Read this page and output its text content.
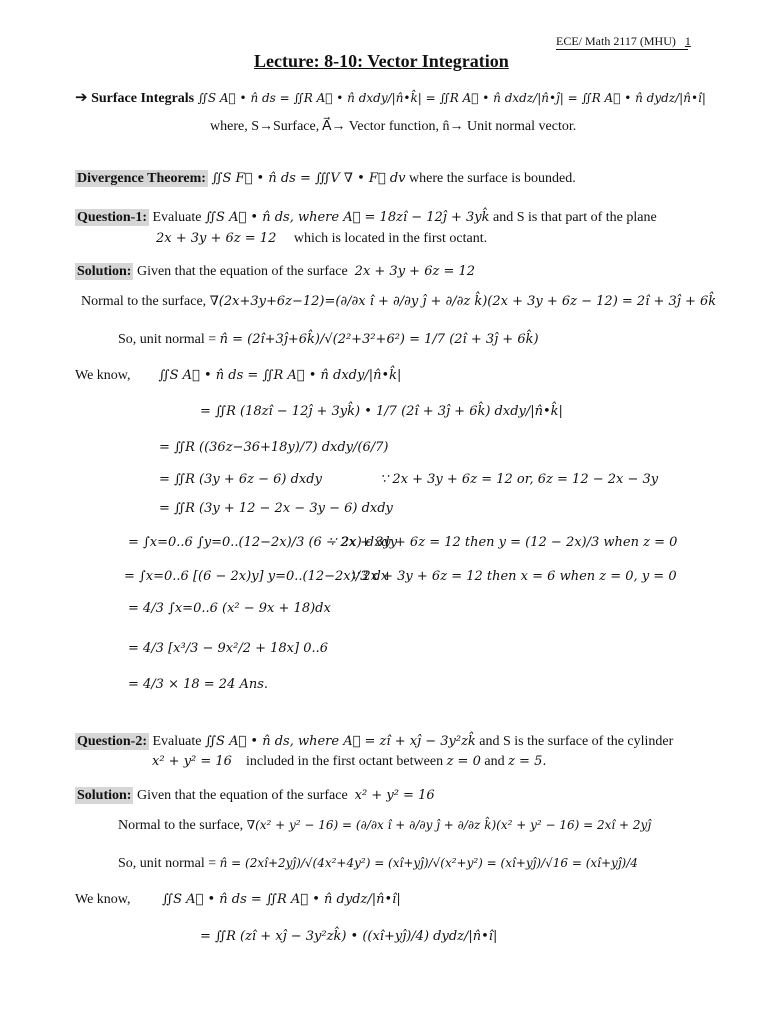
ECE/ Math 2117 (MHU) 1
Lecture: 8-10: Vector Integration
➔ Surface Integrals ∬S A⃗ • n̂ ds = ∬R A⃗ • n̂ dxdy/|n̂•k̂| = ∬R A⃗ • n̂ dxdz/|n̂•ĵ| = ∬R A⃗ • n̂ dydz/|n̂•î|
where, S→Surface, A⃗→ Vector function, n̂→ Unit normal vector.
Divergence Theorem: ∬S F⃗ • n̂ ds = ∭V ∇ • F⃗ dv where the surface is bounded.
Question-1: Evaluate ∬S A⃗ • n̂ ds, where A⃗ = 18zî − 12ĵ + 3yk̂ and S is that part of the plane
2x + 3y + 6z = 12 which is located in the first octant.
Solution: Given that the equation of the surface 2x + 3y + 6z = 12
Normal to the surface, ∇(2x+3y+6z−12)=(∂/∂x î + ∂/∂y ĵ + ∂/∂z k̂)(2x + 3y + 6z − 12) = 2î + 3ĵ + 6k̂
So, unit normal = n̂ = (2î+3ĵ+6k̂)/√(2²+3²+6²) = 1/7 (2î + 3ĵ + 6k̂)
We know, ∬S A⃗ • n̂ ds = ∬R A⃗ • n̂ dxdy/|n̂•k̂|
= ∬R (18zî − 12ĵ + 3yk̂) • 1/7 (2î + 3ĵ + 6k̂) dxdy/|n̂•k̂|
= ∬R ((36z−36+18y)/7) dxdy/(6/7)
= ∬R (3y + 6z − 6) dxdy	∵ 2x + 3y + 6z = 12 or, 6z = 12 − 2x − 3y
= ∬R (3y + 12 − 2x − 3y − 6) dxdy
= ∫x=0..6 ∫y=0..(12−2x)/3 (6 − 2x) dxdy
∵ 2x + 3y + 6z = 12 then y = (12 − 2x)/3 when z = 0
= ∫x=0..6 [(6 − 2x)y] y=0..(12−2x)/3 dx
∵ 2x + 3y + 6z = 12 then x = 6 when z = 0, y = 0
= 4/3 ∫x=0..6 (x² − 9x + 18)dx
= 4/3 [x³/3 − 9x²/2 + 18x] 0..6
= 4/3 × 18 = 24 Ans.
Question-2: Evaluate ∬S A⃗ • n̂ ds, where A⃗ = zî + xĵ − 3y²zk̂ and S is the surface of the cylinder
x² + y² = 16 included in the first octant between z = 0 and z = 5.
Solution: Given that the equation of the surface x² + y² = 16
Normal to the surface, ∇(x² + y² − 16) = (∂/∂x î + ∂/∂y ĵ + ∂/∂z k̂)(x² + y² − 16) = 2xî + 2yĵ
So, unit normal = n̂ = (2xî+2yĵ)/√(4x²+4y²) = (xî+yĵ)/√(x²+y²) = (xî+yĵ)/√16 = (xî+yĵ)/4
We know, ∬S A⃗ • n̂ ds = ∬R A⃗ • n̂ dydz/|n̂•î|
= ∬R (zî + xĵ − 3y²zk̂) • ((xî+yĵ)/4) dydz/|n̂•î|
